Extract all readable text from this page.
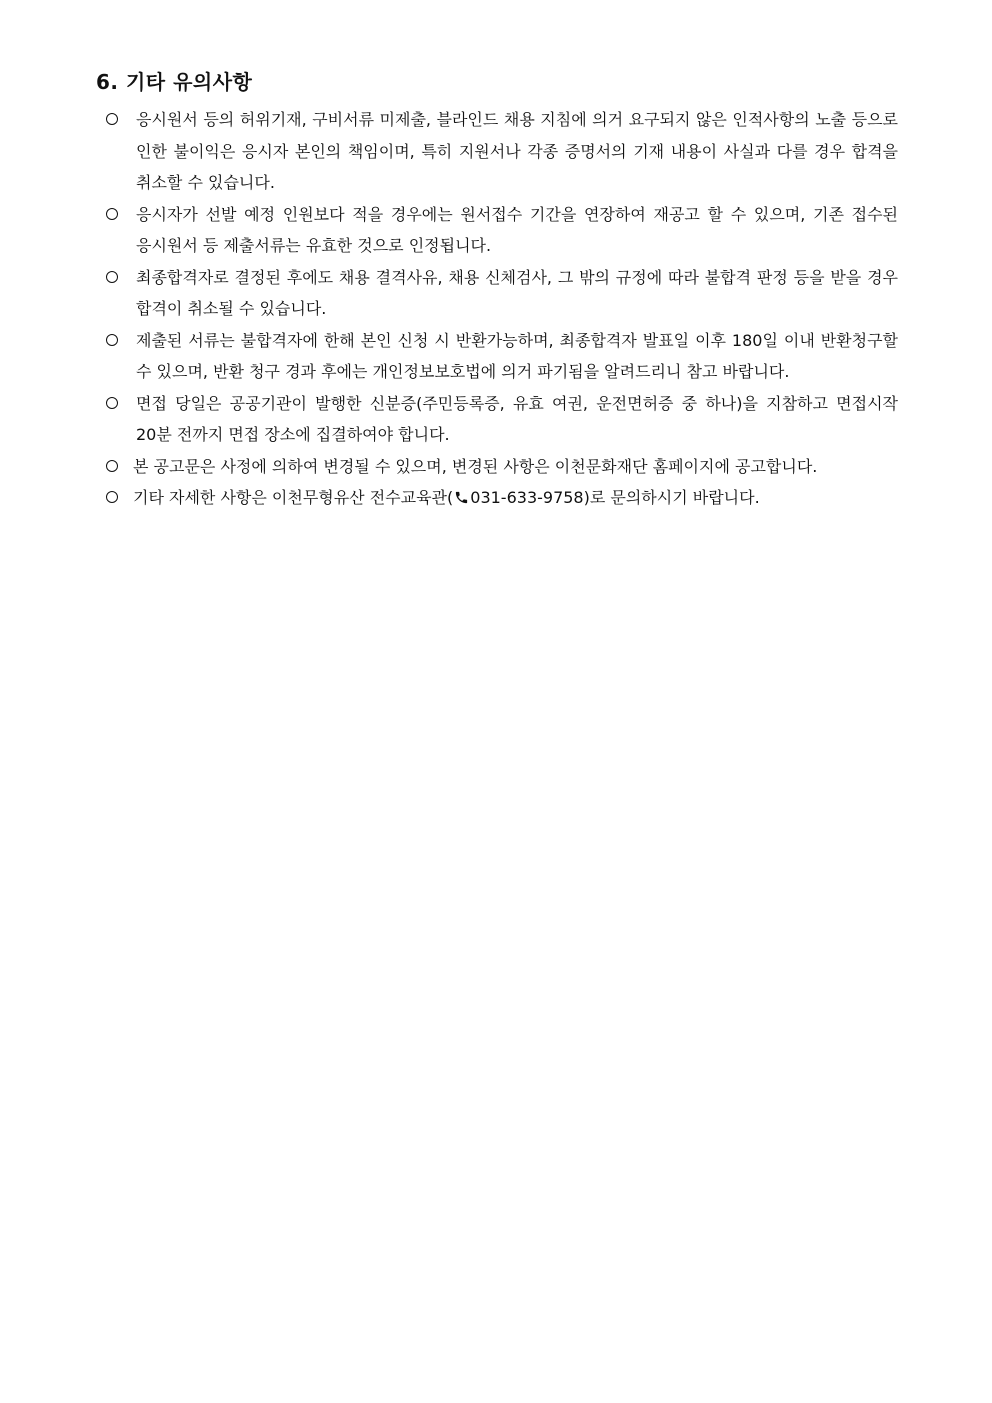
6. 기타 유의사항
응시원서 등의 허위기재, 구비서류 미제출, 블라인드 채용 지침에 의거 요구되지 않은 인적사항의 노출 등으로 인한 불이익은 응시자 본인의 책임이며, 특히 지원서나 각종 증명서의 기재 내용이 사실과 다를 경우 합격을 취소할 수 있습니다.
응시자가 선발 예정 인원보다 적을 경우에는 원서접수 기간을 연장하여 재공고 할 수 있으며, 기존 접수된 응시원서 등 제출서류는 유효한 것으로 인정됩니다.
최종합격자로 결정된 후에도 채용 결격사유, 채용 신체검사, 그 밖의 규정에 따라 불합격 판정 등을 받을 경우 합격이 취소될 수 있습니다.
제출된 서류는 불합격자에 한해 본인 신청 시 반환가능하며, 최종합격자 발표일 이후 180일 이내 반환청구할 수 있으며, 반환 청구 경과 후에는 개인정보보호법에 의거 파기됨을 알려드리니 참고 바랍니다.
면접 당일은 공공기관이 발행한 신분증(주민등록증, 유효 여권, 운전면허증 중 하나)을 지참하고 면접시작 20분 전까지 면접 장소에 집결하여야 합니다.
본 공고문은 사정에 의하여 변경될 수 있으며, 변경된 사항은 이천문화재단 홈페이지에 공고합니다.
기타 자세한 사항은 이천무형유산 전수교육관( 031-633-9758)로 문의하시기 바랍니다.
